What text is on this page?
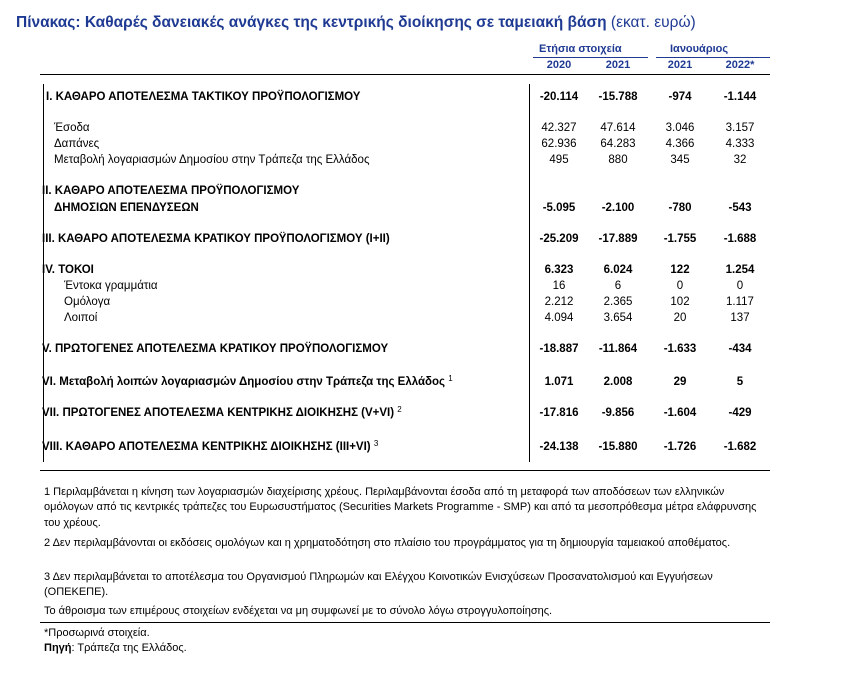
Πίνακας: Καθαρές δανειακές ανάγκες της κεντρικής διοίκησης σε ταμειακή βάση (εκατ. ευρώ)
Ετήσια στοιχεία	Ιανουάριος
2020	2021	2021	2022*
I. ΚΑΘΑΡΟ ΑΠΟΤΕΛΕΣΜΑ ΤΑΚΤΙΚΟΥ ΠΡΟΫΠΟΛΟΓΙΣΜΟΥ	-20.114	-15.788	-974	-1.144
Έσοδα	42.327	47.614	3.046	3.157
Δαπάνες	62.936	64.283	4.366	4.333
Μεταβολή λογαριασμών Δημοσίου στην Τράπεζα της Ελλάδος	495	880	345	32
II. ΚΑΘΑΡΟ ΑΠΟΤΕΛΕΣΜΑ ΠΡΟΫΠΟΛΟΓΙΣΜΟΥ
ΔΗΜΟΣΙΩΝ ΕΠΕΝΔΥΣΕΩΝ	-5.095	-2.100	-780	-543
III. ΚΑΘΑΡΟ ΑΠΟΤΕΛΕΣΜΑ ΚΡΑΤΙΚΟΥ ΠΡΟΫΠΟΛΟΓΙΣΜΟΥ (I+II)	-25.209	-17.889	-1.755	-1.688
IV. ΤΟΚΟΙ	6.323	6.024	122	1.254
Έντοκα γραμμάτια	16	6	0	0
Ομόλογα	2.212	2.365	102	1.117
Λοιποί	4.094	3.654	20	137
V. ΠΡΩΤΟΓΕΝΕΣ ΑΠΟΤΕΛΕΣΜΑ ΚΡΑΤΙΚΟΥ ΠΡΟΫΠΟΛΟΓΙΣΜΟΥ	-18.887	-11.864	-1.633	-434
VI. Μεταβολή λοιπών λογαριασμών Δημοσίου στην Τράπεζα της Ελλάδος $^1$	1.071	2.008	29	5
VII. ΠΡΩΤΟΓΕΝΕΣ ΑΠΟΤΕΛΕΣΜΑ ΚΕΝΤΡΙΚΗΣ ΔΙΟΙΚΗΣΗΣ (V+VI) $^2$	-17.816	-9.856	-1.604	-429
VIII. ΚΑΘΑΡΟ ΑΠΟΤΕΛΕΣΜΑ ΚΕΝΤΡΙΚΗΣ ΔΙΟΙΚΗΣΗΣ (III+VI) $^3$	-24.138	-15.880	-1.726	-1.682
1 Περιλαμβάνεται η κίνηση των λογαριασμών διαχείρισης χρέους. Περιλαμβάνονται έσοδα από τη μεταφορά των αποδόσεων των ελληνικών ομόλογων από τις κεντρικές τράπεζες του Ευρωσυστήματος (Securities Markets Programme - SMP) και από τα μεσοπρόθεσμα μέτρα ελάφρυνσης του χρέους.
2 Δεν περιλαμβάνονται οι εκδόσεις ομολόγων και η χρηματοδότηση στο πλαίσιο του προγράμματος για τη δημιουργία ταμειακού αποθέματος.
3 Δεν περιλαμβάνεται το αποτέλεσμα του Οργανισμού Πληρωμών και Ελέγχου Κοινοτικών Ενισχύσεων Προσανατολισμού και Εγγυήσεων (ΟΠΕΚΕΠΕ).
Το άθροισμα των επιμέρους στοιχείων ενδέχεται να μη συμφωνεί με το σύνολο λόγω στρογγυλοποίησης.
*Προσωρινά στοιχεία.
Πηγή: Τράπεζα της Ελλάδος.
